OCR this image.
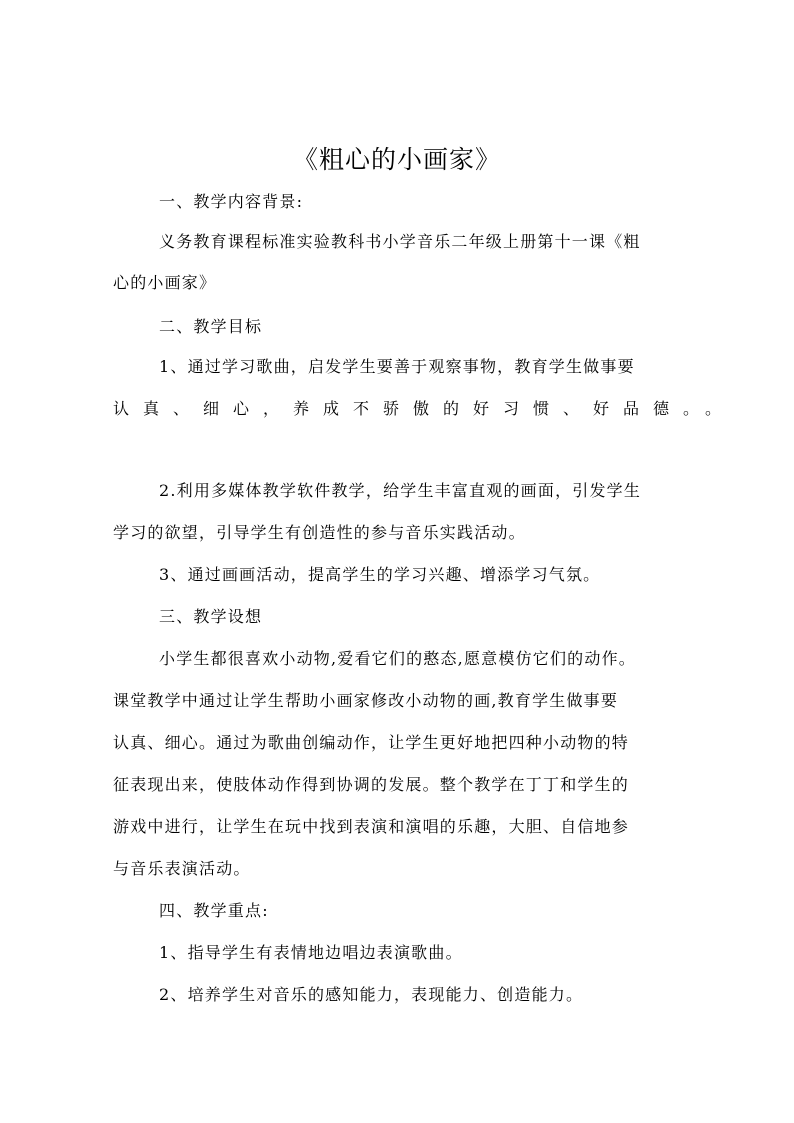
《粗心的小画家》
一、教学内容背景:
义务教育课程标准实验教科书小学音乐二年级上册第十一课《粗
心的小画家》
二、教学目标
1、通过学习歌曲，启发学生要善于观察事物，教育学生做事要
认真、细心，养成不骄傲的好习惯、好品德。。
2.利用多媒体教学软件教学，给学生丰富直观的画面，引发学生
学习的欲望，引导学生有创造性的参与音乐实践活动。
3、通过画画活动，提高学生的学习兴趣、增添学习气氛。
三、教学设想
小学生都很喜欢小动物,爱看它们的憨态,愿意模仿它们的动作。
课堂教学中通过让学生帮助小画家修改小动物的画,教育学生做事要
认真、细心。通过为歌曲创编动作，让学生更好地把四种小动物的特
征表现出来，使肢体动作得到协调的发展。整个教学在丁丁和学生的
游戏中进行，让学生在玩中找到表演和演唱的乐趣，大胆、自信地参
与音乐表演活动。
四、教学重点:
1、指导学生有表情地边唱边表演歌曲。
2、培养学生对音乐的感知能力，表现能力、创造能力。
